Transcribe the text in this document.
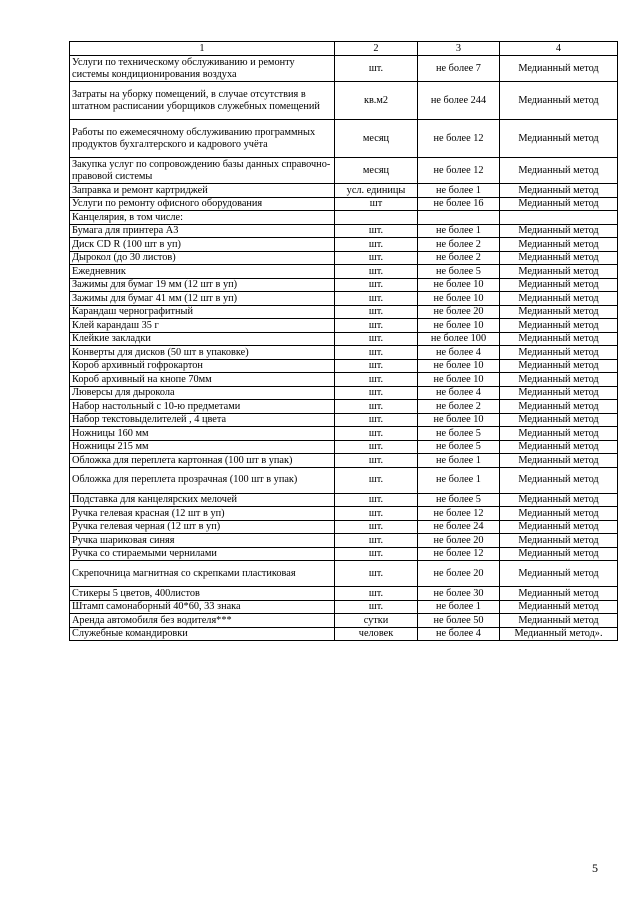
1	2	3	4
Услуги по техническому обслуживанию и ремонту системы кондиционирования воздуха	шт.	не более 7	Медианный метод
Затраты на уборку помещений, в случае отсутствия в штатном расписании уборщиков служебных помещений	кв.м2	не более 244	Медианный метод
Работы по ежемесячному обслуживанию программных продуктов бухгалтерского и кадрового учёта	месяц	не более 12	Медианный метод
Закупка услуг по сопровождению базы данных справочно-правовой системы	месяц	не более 12	Медианный метод
Заправка и ремонт картриджей	усл. единицы	не более 1	Медианный метод
Услуги по ремонту офисного оборудования	шт	не более 16	Медианный метод
Канцелярия, в том числе:			
Бумага для принтера А3	шт.	не более 1	Медианный метод
Диск CD R (100 шт в уп)	шт.	не более 2	Медианный метод
Дырокол (до 30 листов)	шт.	не более 2	Медианный метод
Ежедневник	шт.	не более 5	Медианный метод
Зажимы для бумаг 19 мм (12 шт в уп)	шт.	не более 10	Медианный метод
Зажимы для бумаг 41 мм (12 шт в уп)	шт.	не более 10	Медианный метод
Карандаш чернографитный	шт.	не более 20	Медианный метод
Клей карандаш 35 г	шт.	не более 10	Медианный метод
Клейкие закладки	шт.	не более 100	Медианный метод
Конверты для дисков (50 шт в упаковке)	шт.	не более 4	Медианный метод
Короб архивный гофрокартон	шт.	не более 10	Медианный метод
Короб архивный на кнопе 70мм	шт.	не более 10	Медианный метод
Люверсы для дырокола	шт.	не более 4	Медианный метод
Набор настольный с 10-ю предметами	шт.	не более 2	Медианный метод
Набор текстовыделителей , 4 цвета	шт.	не более 10	Медианный метод
Ножницы 160 мм	шт.	не более 5	Медианный метод
Ножницы 215 мм	шт.	не более 5	Медианный метод
Обложка для переплета картонная (100 шт в упак)	шт.	не более 1	Медианный метод
Обложка для переплета прозрачная (100 шт в упак)	шт.	не более 1	Медианный метод
Подставка для канцелярских мелочей	шт.	не более 5	Медианный метод
Ручка гелевая красная (12 шт в уп)	шт.	не более 12	Медианный метод
Ручка гелевая черная (12 шт в уп)	шт.	не более 24	Медианный метод
Ручка шариковая синяя	шт.	не более 20	Медианный метод
Ручка со стираемыми чернилами	шт.	не более 12	Медианный метод
Скрепочница магнитная со скрепками пластиковая	шт.	не более 20	Медианный метод
Стикеры 5 цветов, 400листов	шт.	не более 30	Медианный метод
Штамп самонаборный 40*60, 33 знака	шт.	не более 1	Медианный метод
Аренда автомобиля без водителя***	сутки	не более 50	Медианный метод
Служебные командировки	человек	не более 4	Медианный метод».
5
